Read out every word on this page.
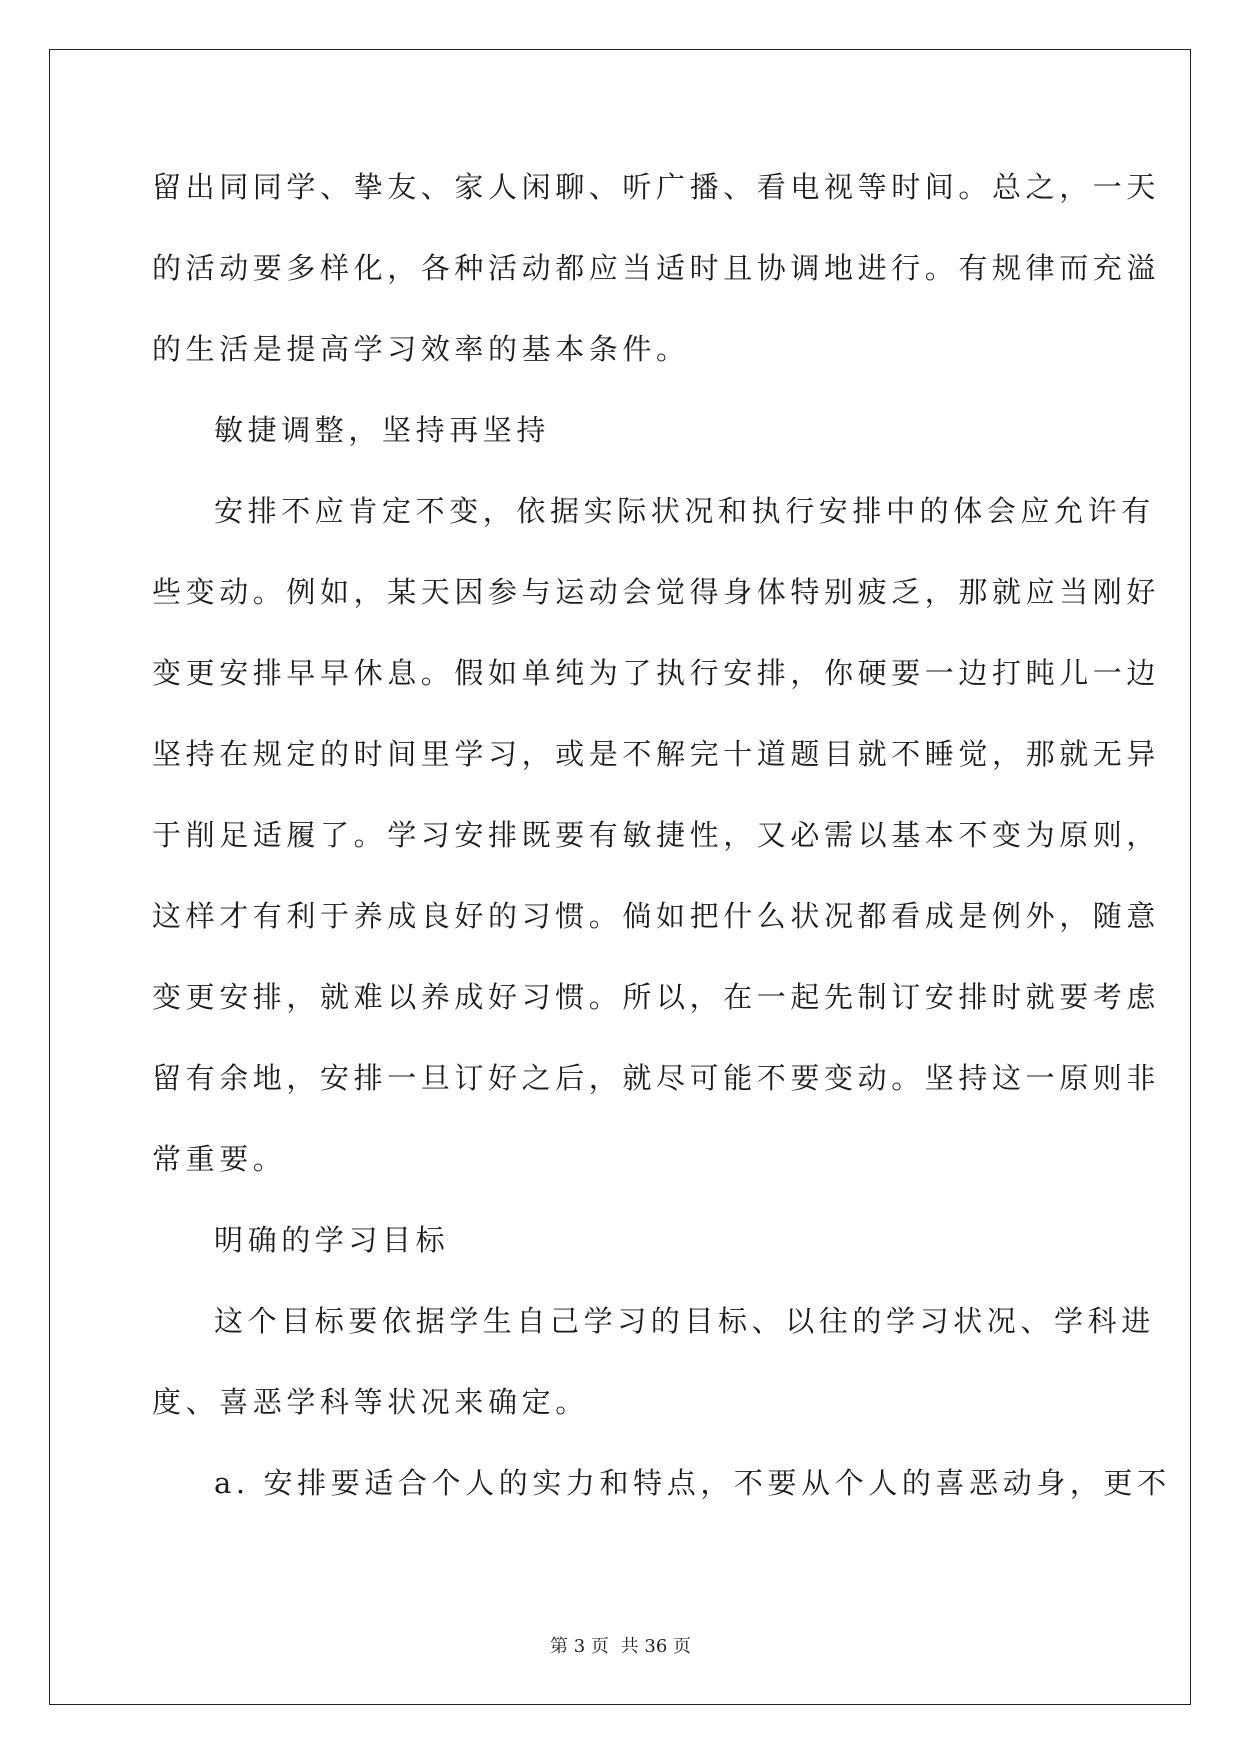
留出同同学、挚友、家人闲聊、听广播、看电视等时间。总之，一天
的活动要多样化，各种活动都应当适时且协调地进行。有规律而充溢
的生活是提高学习效率的基本条件。
敏捷调整，坚持再坚持
安排不应肯定不变，依据实际状况和执行安排中的体会应允许有
些变动。例如，某天因参与运动会觉得身体特别疲乏，那就应当刚好
变更安排早早休息。假如单纯为了执行安排，你硬要一边打盹儿一边
坚持在规定的时间里学习，或是不解完十道题目就不睡觉，那就无异
于削足适履了。学习安排既要有敏捷性，又必需以基本不变为原则，
这样才有利于养成良好的习惯。倘如把什么状况都看成是例外，随意
变更安排，就难以养成好习惯。所以，在一起先制订安排时就要考虑
留有余地，安排一旦订好之后，就尽可能不要变动。坚持这一原则非
常重要。
明确的学习目标
这个目标要依据学生自己学习的目标、以往的学习状况、学科进
度、喜恶学科等状况来确定。
a. 安排要适合个人的实力和特点，不要从个人的喜恶动身，更不
第 3 页 共 36 页
